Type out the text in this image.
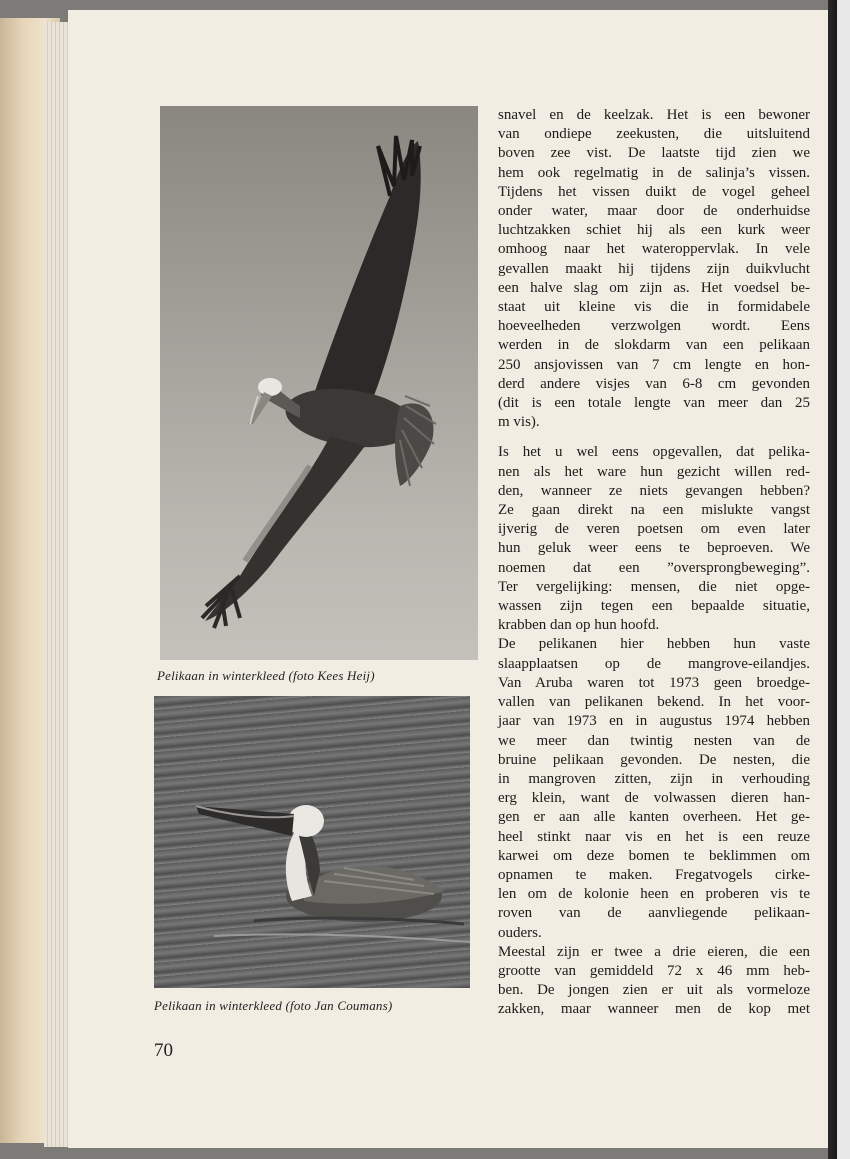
Pelikaan in winterkleed (foto Kees Heij)
Pelikaan in winterkleed (foto Jan Coumans)

snavel en de keelzak. Het is een bewoner
van ondiepe zeekusten, die uitsluitend
boven zee vist. De laatste tijd zien we
hem ook regelmatig in de salinja’s vissen.
Tijdens het vissen duikt de vogel geheel
onder water, maar door de onderhuidse
luchtzakken schiet hij als een kurk weer
omhoog naar het wateroppervlak. In vele
gevallen maakt hij tijdens zijn duikvlucht
een halve slag om zijn as. Het voedsel be-
staat uit kleine vis die in formidabele
hoeveelheden verzwolgen wordt. Eens
werden in de slokdarm van een pelikaan
250 ansjovissen van 7 cm lengte en hon-
derd andere visjes van 6-8 cm gevonden
(dit is een totale lengte van meer dan 25
m vis).

Is het u wel eens opgevallen, dat pelika-
nen als het ware hun gezicht willen red-
den, wanneer ze niets gevangen hebben?
Ze gaan direkt na een mislukte vangst
ijverig de veren poetsen om even later
hun geluk weer eens te beproeven. We
noemen dat een ”oversprongbeweging”.
Ter vergelijking: mensen, die niet opge-
wassen zijn tegen een bepaalde situatie,
krabben dan op hun hoofd.

De pelikanen hier hebben hun vaste
slaapplaatsen op de mangrove-eilandjes.
Van Aruba waren tot 1973 geen broedge-
vallen van pelikanen bekend. In het voor-
jaar van 1973 en in augustus 1974 hebben
we meer dan twintig nesten van de
bruine pelikaan gevonden. De nesten, die
in mangroven zitten, zijn in verhouding
erg klein, want de volwassen dieren han-
gen er aan alle kanten overheen. Het ge-
heel stinkt naar vis en het is een reuze
karwei om deze bomen te beklimmen om
opnamen te maken. Fregatvogels cirke-
len om de kolonie heen en proberen vis te
roven van de aanvliegende pelikaan-
ouders.

Meestal zijn er twee a drie eieren, die een
grootte van gemiddeld 72 x 46 mm heb-
ben. De jongen zien er uit als vormeloze
zakken, maar wanneer men de kop met

70
